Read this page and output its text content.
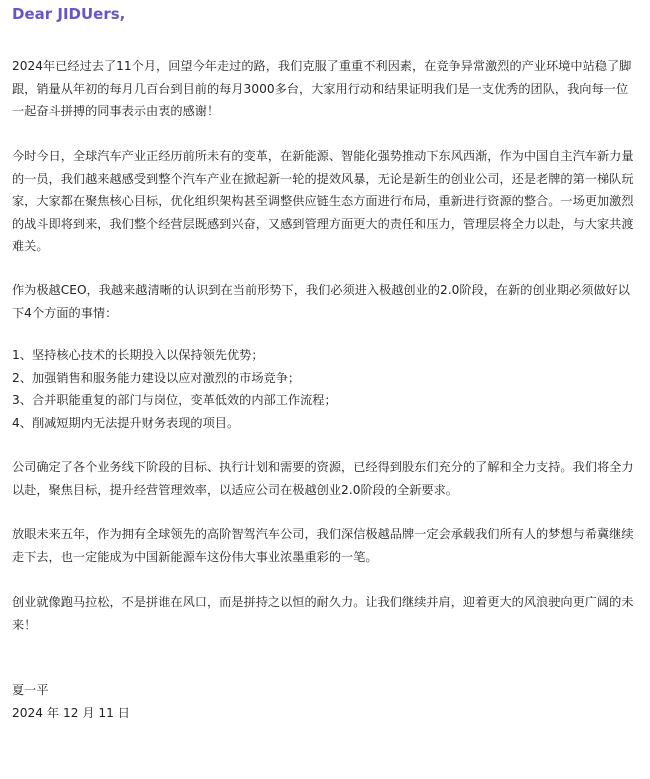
Dear JIDUers,

2024年已经过去了11个月，回望今年走过的路，我们克服了重重不利因素，在竞争异常激烈的产业环境中站稳了脚跟，销量从年初的每月几百台到目前的每月3000多台，大家用行动和结果证明我们是一支优秀的团队，我向每一位一起奋斗拼搏的同事表示由衷的感谢！

今时今日，全球汽车产业正经历前所未有的变革，在新能源、智能化强势推动下东风西渐，作为中国自主汽车新力量的一员，我们越来越感受到整个汽车产业在掀起新一轮的提效风暴，无论是新生的创业公司，还是老牌的第一梯队玩家，大家都在聚焦核心目标，优化组织架构甚至调整供应链生态方面进行布局，重新进行资源的整合。一场更加激烈的战斗即将到来，我们整个经营层既感到兴奋，又感到管理方面更大的责任和压力，管理层将全力以赴，与大家共渡难关。

作为极越CEO，我越来越清晰的认识到在当前形势下，我们必须进入极越创业的2.0阶段，在新的创业期必须做好以下4个方面的事情：

1、坚持核心技术的长期投入以保持领先优势；
2、加强销售和服务能力建设以应对激烈的市场竞争；
3、合并职能重复的部门与岗位，变革低效的内部工作流程；
4、削减短期内无法提升财务表现的项目。

公司确定了各个业务线下阶段的目标、执行计划和需要的资源，已经得到股东们充分的了解和全力支持。我们将全力以赴，聚焦目标，提升经营管理效率，以适应公司在极越创业2.0阶段的全新要求。

放眼未来五年，作为拥有全球领先的高阶智驾汽车公司，我们深信极越品牌一定会承载我们所有人的梦想与希冀继续走下去，也一定能成为中国新能源车这份伟大事业浓墨重彩的一笔。

创业就像跑马拉松，不是拼谁在风口，而是拼持之以恒的耐久力。让我们继续并肩，迎着更大的风浪驶向更广阔的未来！

夏一平
2024 年 12 月 11 日
